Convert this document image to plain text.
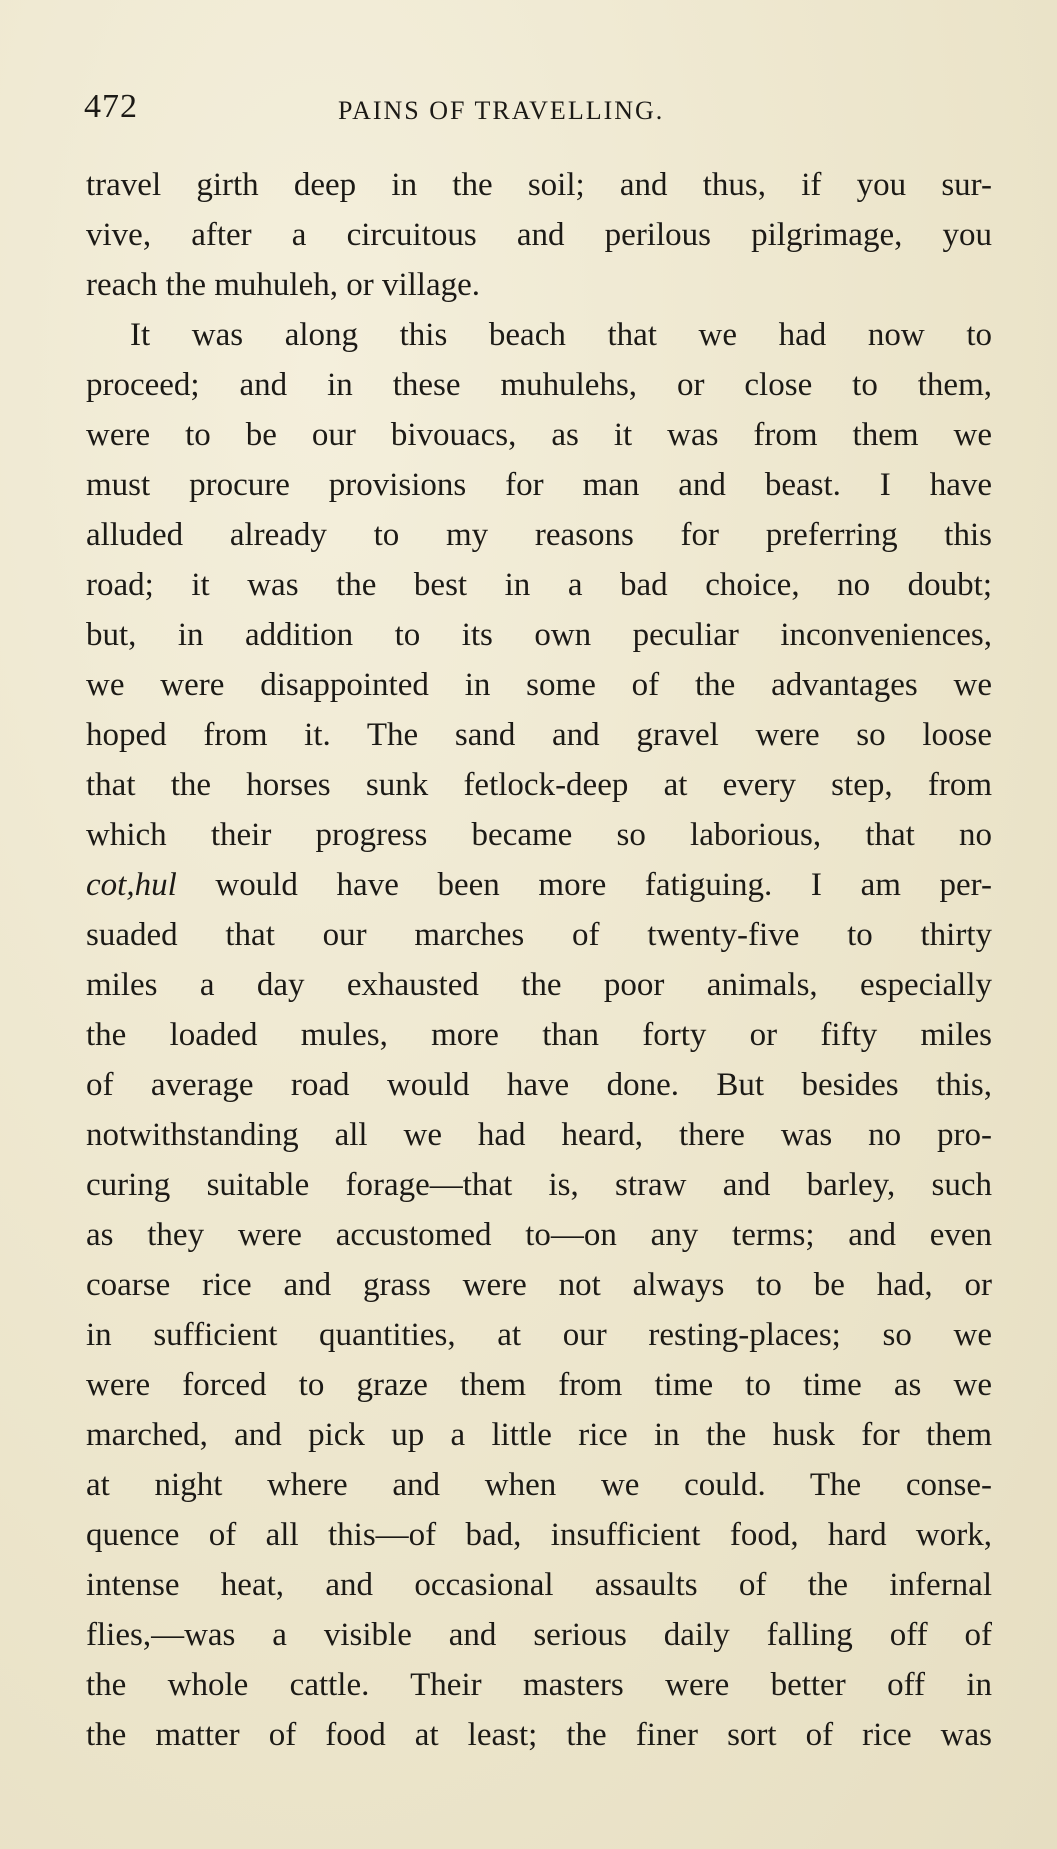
472	PAINS OF TRAVELLING.
travel girth deep in the soil; and thus, if you sur-
vive, after a circuitous and perilous pilgrimage, you
reach the muhuleh, or village.
It was along this beach that we had now to
proceed; and in these muhulehs, or close to them,
were to be our bivouacs, as it was from them we
must procure provisions for man and beast. I have
alluded already to my reasons for preferring this
road; it was the best in a bad choice, no doubt;
but, in addition to its own peculiar inconveniences,
we were disappointed in some of the advantages we
hoped from it. The sand and gravel were so loose
that the horses sunk fetlock-deep at every step, from
which their progress became so laborious, that no
cot,hul would have been more fatiguing. I am per-
suaded that our marches of twenty-five to thirty
miles a day exhausted the poor animals, especially
the loaded mules, more than forty or fifty miles
of average road would have done. But besides this,
notwithstanding all we had heard, there was no pro-
curing suitable forage—that is, straw and barley, such
as they were accustomed to—on any terms; and even
coarse rice and grass were not always to be had, or
in sufficient quantities, at our resting-places; so we
were forced to graze them from time to time as we
marched, and pick up a little rice in the husk for them
at night where and when we could. The conse-
quence of all this—of bad, insufficient food, hard work,
intense heat, and occasional assaults of the infernal
flies,—was a visible and serious daily falling off of
the whole cattle. Their masters were better off in
the matter of food at least; the finer sort of rice was
